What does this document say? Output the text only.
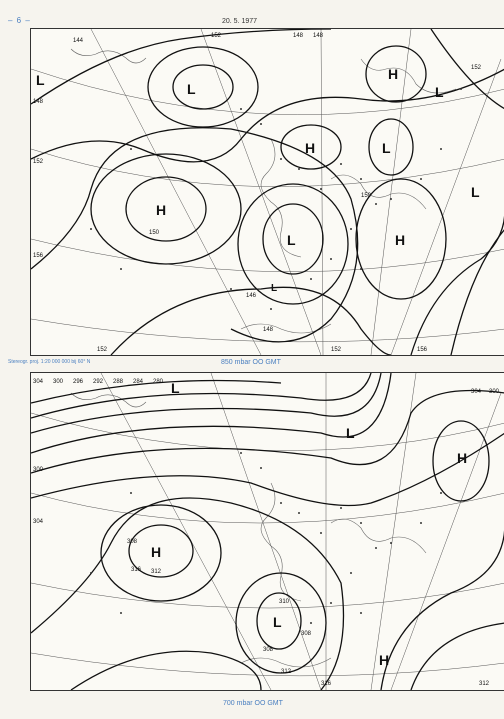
– 6 –	20. 5. 1977
L
L
H
L
H	L
H
L
H
L
L
144
150
152
148
156
152
150
146
148
152
152	152	156
148 148
Stereogr. proj. 1:20 000 000 bij 60° N	850 mbar OO GMT
L
L
H
H
L
H
304 300 296 292 288 284 280
300
304
308
316 312
310
308
308
312
316	312
304 300
700 mbar OO GMT
